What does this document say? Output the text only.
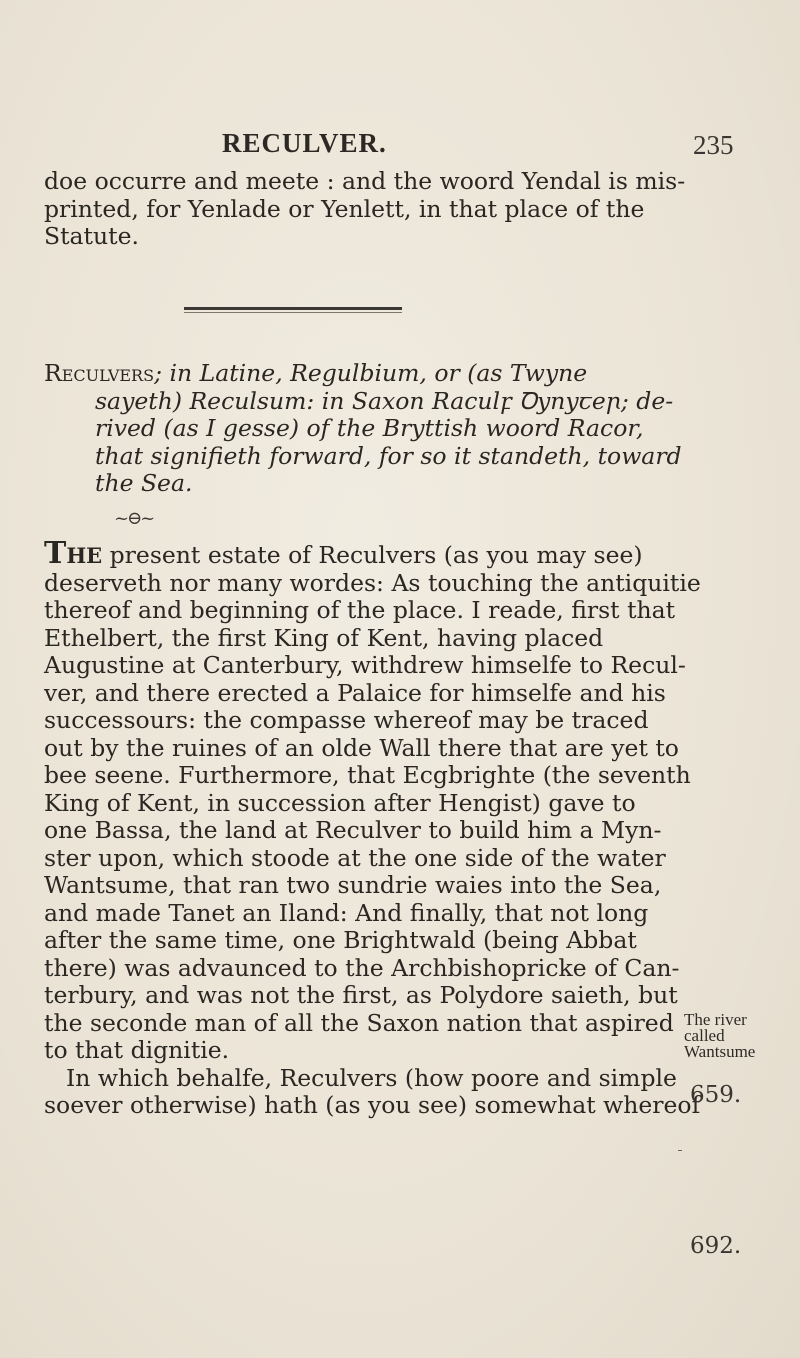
RECULVER.	235
doe occurre and meete : and the woord Yendal is mis-
printed, for Yenlade or Yenlett, in that place of the
Statute.
Reculvers; in Latine, Regulbium, or (as Twyne
sayeth) Reculsum: in Saxon Raculꝼ Ꝺynyꞇeꞃ; de-
rived (as I gesse) of the Bryttish woord Racor,
that signifieth forward, for so it standeth, toward
the Sea.
~⊖~
The present estate of Reculvers (as you may see)
deserveth nor many wordes: As touching the antiquitie
thereof and beginning of the place. I reade, first that
Ethelbert, the first King of Kent, having placed
Augustine at Canterbury, withdrew himselfe to Recul-
ver, and there erected a Palaice for himselfe and his
successours: the compasse whereof may be traced
out by the ruines of an olde Wall there that are yet to
bee seene. Furthermore, that Ecgbrighte (the seventh
King of Kent, in succession after Hengist) gave to
one Bassa, the land at Reculver to build him a Myn-
ster upon, which stoode at the one side of the water
Wantsume, that ran two sundrie waies into the Sea,
and made Tanet an Iland: And finally, that not long
after the same time, one Brightwald (being Abbat
there) was advaunced to the Archbishopricke of Can-
terbury, and was not the first, as Polydore saieth, but
the seconde man of all the Saxon nation that aspired
to that dignitie.
In which behalfe, Reculvers (how poore and simple
soever otherwise) hath (as you see) somewhat whereof
The river
called
Wantsume
659.
692.
